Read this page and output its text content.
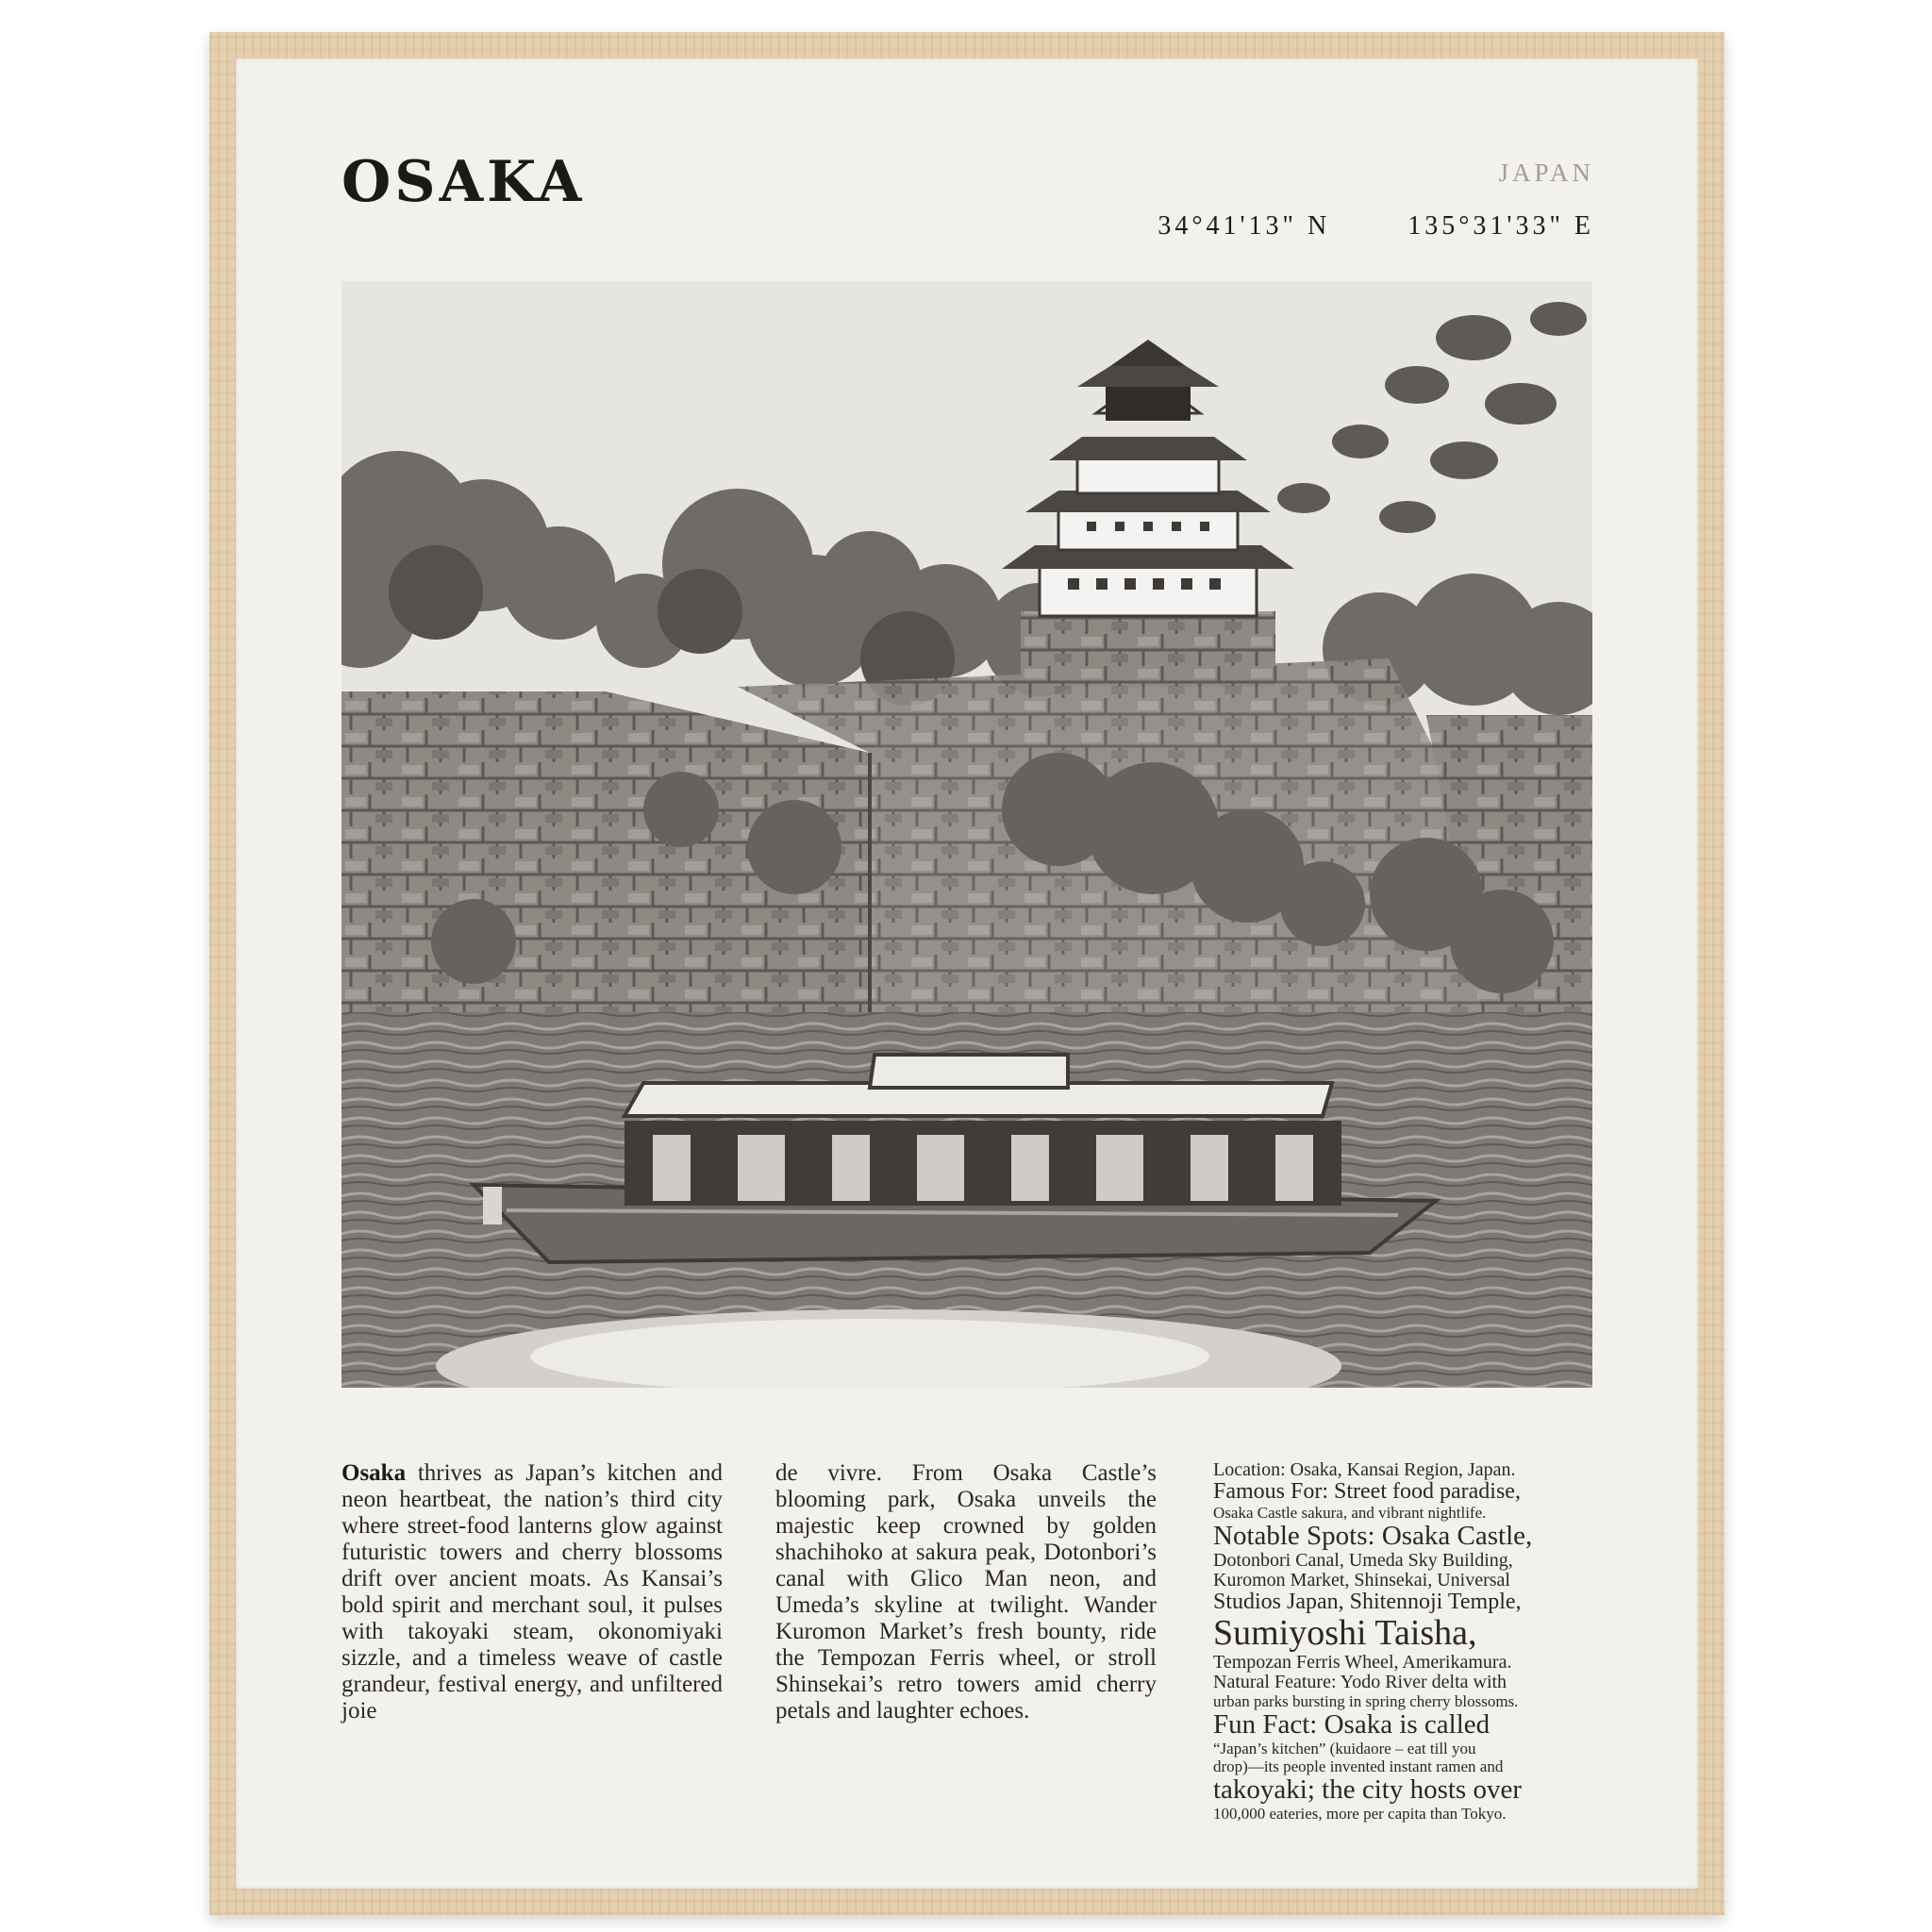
OSAKA	JAPAN
34°41'13" N	135°31'33" E

Osaka thrives as Japan’s kitchen and neon heartbeat, the nation’s third city where street-food lanterns glow against futuristic towers and cherry blossoms drift over ancient moats. As Kansai’s bold spirit and merchant soul, it pulses with takoyaki steam, okonomiyaki sizzle, and a timeless weave of castle grandeur, festival energy, and unfiltered joie

de vivre. From Osaka Castle’s blooming park, Osaka unveils the majestic keep crowned by golden shachihoko at sakura peak, Dotonbori’s canal with Glico Man neon, and Umeda’s skyline at twilight. Wander Kuromon Market’s fresh bounty, ride the Tempozan Ferris wheel, or stroll Shinsekai’s retro towers amid cherry petals and laughter echoes.

Location: Osaka, Kansai Region, Japan.
Famous For: Street food paradise,
Osaka Castle sakura, and vibrant nightlife.
Notable Spots: Osaka Castle,
Dotonbori Canal, Umeda Sky Building,
Kuromon Market, Shinsekai, Universal
Studios Japan, Shitennoji Temple,
Sumiyoshi Taisha,
Tempozan Ferris Wheel, Amerikamura.
Natural Feature: Yodo River delta with
urban parks bursting in spring cherry blossoms.
Fun Fact: Osaka is called
“Japan’s kitchen” (kuidaore – eat till you
drop)—its people invented instant ramen and
takoyaki; the city hosts over
100,000 eateries, more per capita than Tokyo.
